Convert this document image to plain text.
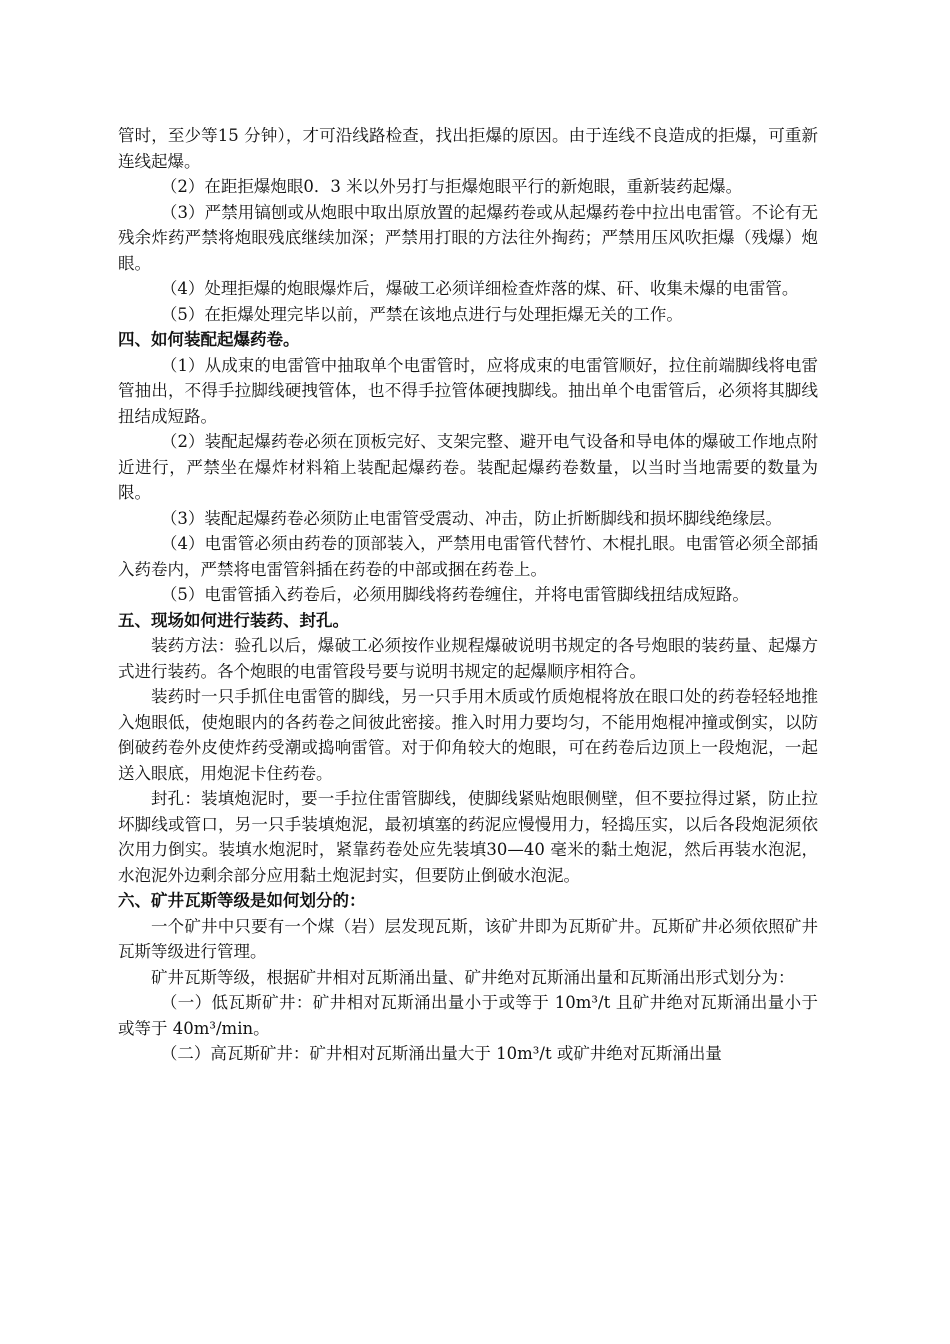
管时，至少等15 分钟），才可沿线路检查，找出拒爆的原因。由于连线不良造成的拒爆，可重新连线起爆。

（2）在距拒爆炮眼0．3 米以外另打与拒爆炮眼平行的新炮眼，重新装药起爆。

（3）严禁用镐刨或从炮眼中取出原放置的起爆药卷或从起爆药卷中拉出电雷管。不论有无残余炸药严禁将炮眼残底继续加深；严禁用打眼的方法往外掏药；严禁用压风吹拒爆（残爆）炮眼。

（4）处理拒爆的炮眼爆炸后，爆破工必须详细检查炸落的煤、矸、收集未爆的电雷管。

（5）在拒爆处理完毕以前，严禁在该地点进行与处理拒爆无关的工作。

四、如何装配起爆药卷。

（1）从成束的电雷管中抽取单个电雷管时，应将成束的电雷管顺好，拉住前端脚线将电雷管抽出，不得手拉脚线硬拽管体，也不得手拉管体硬拽脚线。抽出单个电雷管后，必须将其脚线扭结成短路。

（2）装配起爆药卷必须在顶板完好、支架完整、避开电气设备和导电体的爆破工作地点附近进行，严禁坐在爆炸材料箱上装配起爆药卷。装配起爆药卷数量，以当时当地需要的数量为限。

（3）装配起爆药卷必须防止电雷管受震动、冲击，防止折断脚线和损坏脚线绝缘层。

（4）电雷管必须由药卷的顶部装入，严禁用电雷管代替竹、木棍扎眼。电雷管必须全部插入药卷内，严禁将电雷管斜插在药卷的中部或捆在药卷上。

（5）电雷管插入药卷后，必须用脚线将药卷缠住，并将电雷管脚线扭结成短路。

五、现场如何进行装药、封孔。

装药方法：验孔以后，爆破工必须按作业规程爆破说明书规定的各号炮眼的装药量、起爆方式进行装药。各个炮眼的电雷管段号要与说明书规定的起爆顺序相符合。

装药时一只手抓住电雷管的脚线，另一只手用木质或竹质炮棍将放在眼口处的药卷轻轻地推入炮眼低，使炮眼内的各药卷之间彼此密接。推入时用力要均匀，不能用炮棍冲撞或倒实，以防倒破药卷外皮使炸药受潮或捣响雷管。对于仰角较大的炮眼，可在药卷后边顶上一段炮泥，一起送入眼底，用炮泥卡住药卷。

封孔：装填炮泥时，要一手拉住雷管脚线，使脚线紧贴炮眼侧壁，但不要拉得过紧，防止拉坏脚线或管口，另一只手装填炮泥，最初填塞的药泥应慢慢用力，轻捣压实，以后各段炮泥须依次用力倒实。装填水炮泥时，紧靠药卷处应先装填30—40 毫米的黏土炮泥，然后再装水泡泥，水泡泥外边剩余部分应用黏土炮泥封实，但要防止倒破水泡泥。

六、矿井瓦斯等级是如何划分的：

一个矿井中只要有一个煤（岩）层发现瓦斯，该矿井即为瓦斯矿井。瓦斯矿井必须依照矿井瓦斯等级进行管理。

矿井瓦斯等级，根据矿井相对瓦斯涌出量、矿井绝对瓦斯涌出量和瓦斯涌出形式划分为：

（一）低瓦斯矿井：矿井相对瓦斯涌出量小于或等于 10m³/t 且矿井绝对瓦斯涌出量小于或等于 40m³/min。

（二）高瓦斯矿井：矿井相对瓦斯涌出量大于 10m³/t 或矿井绝对瓦斯涌出量
